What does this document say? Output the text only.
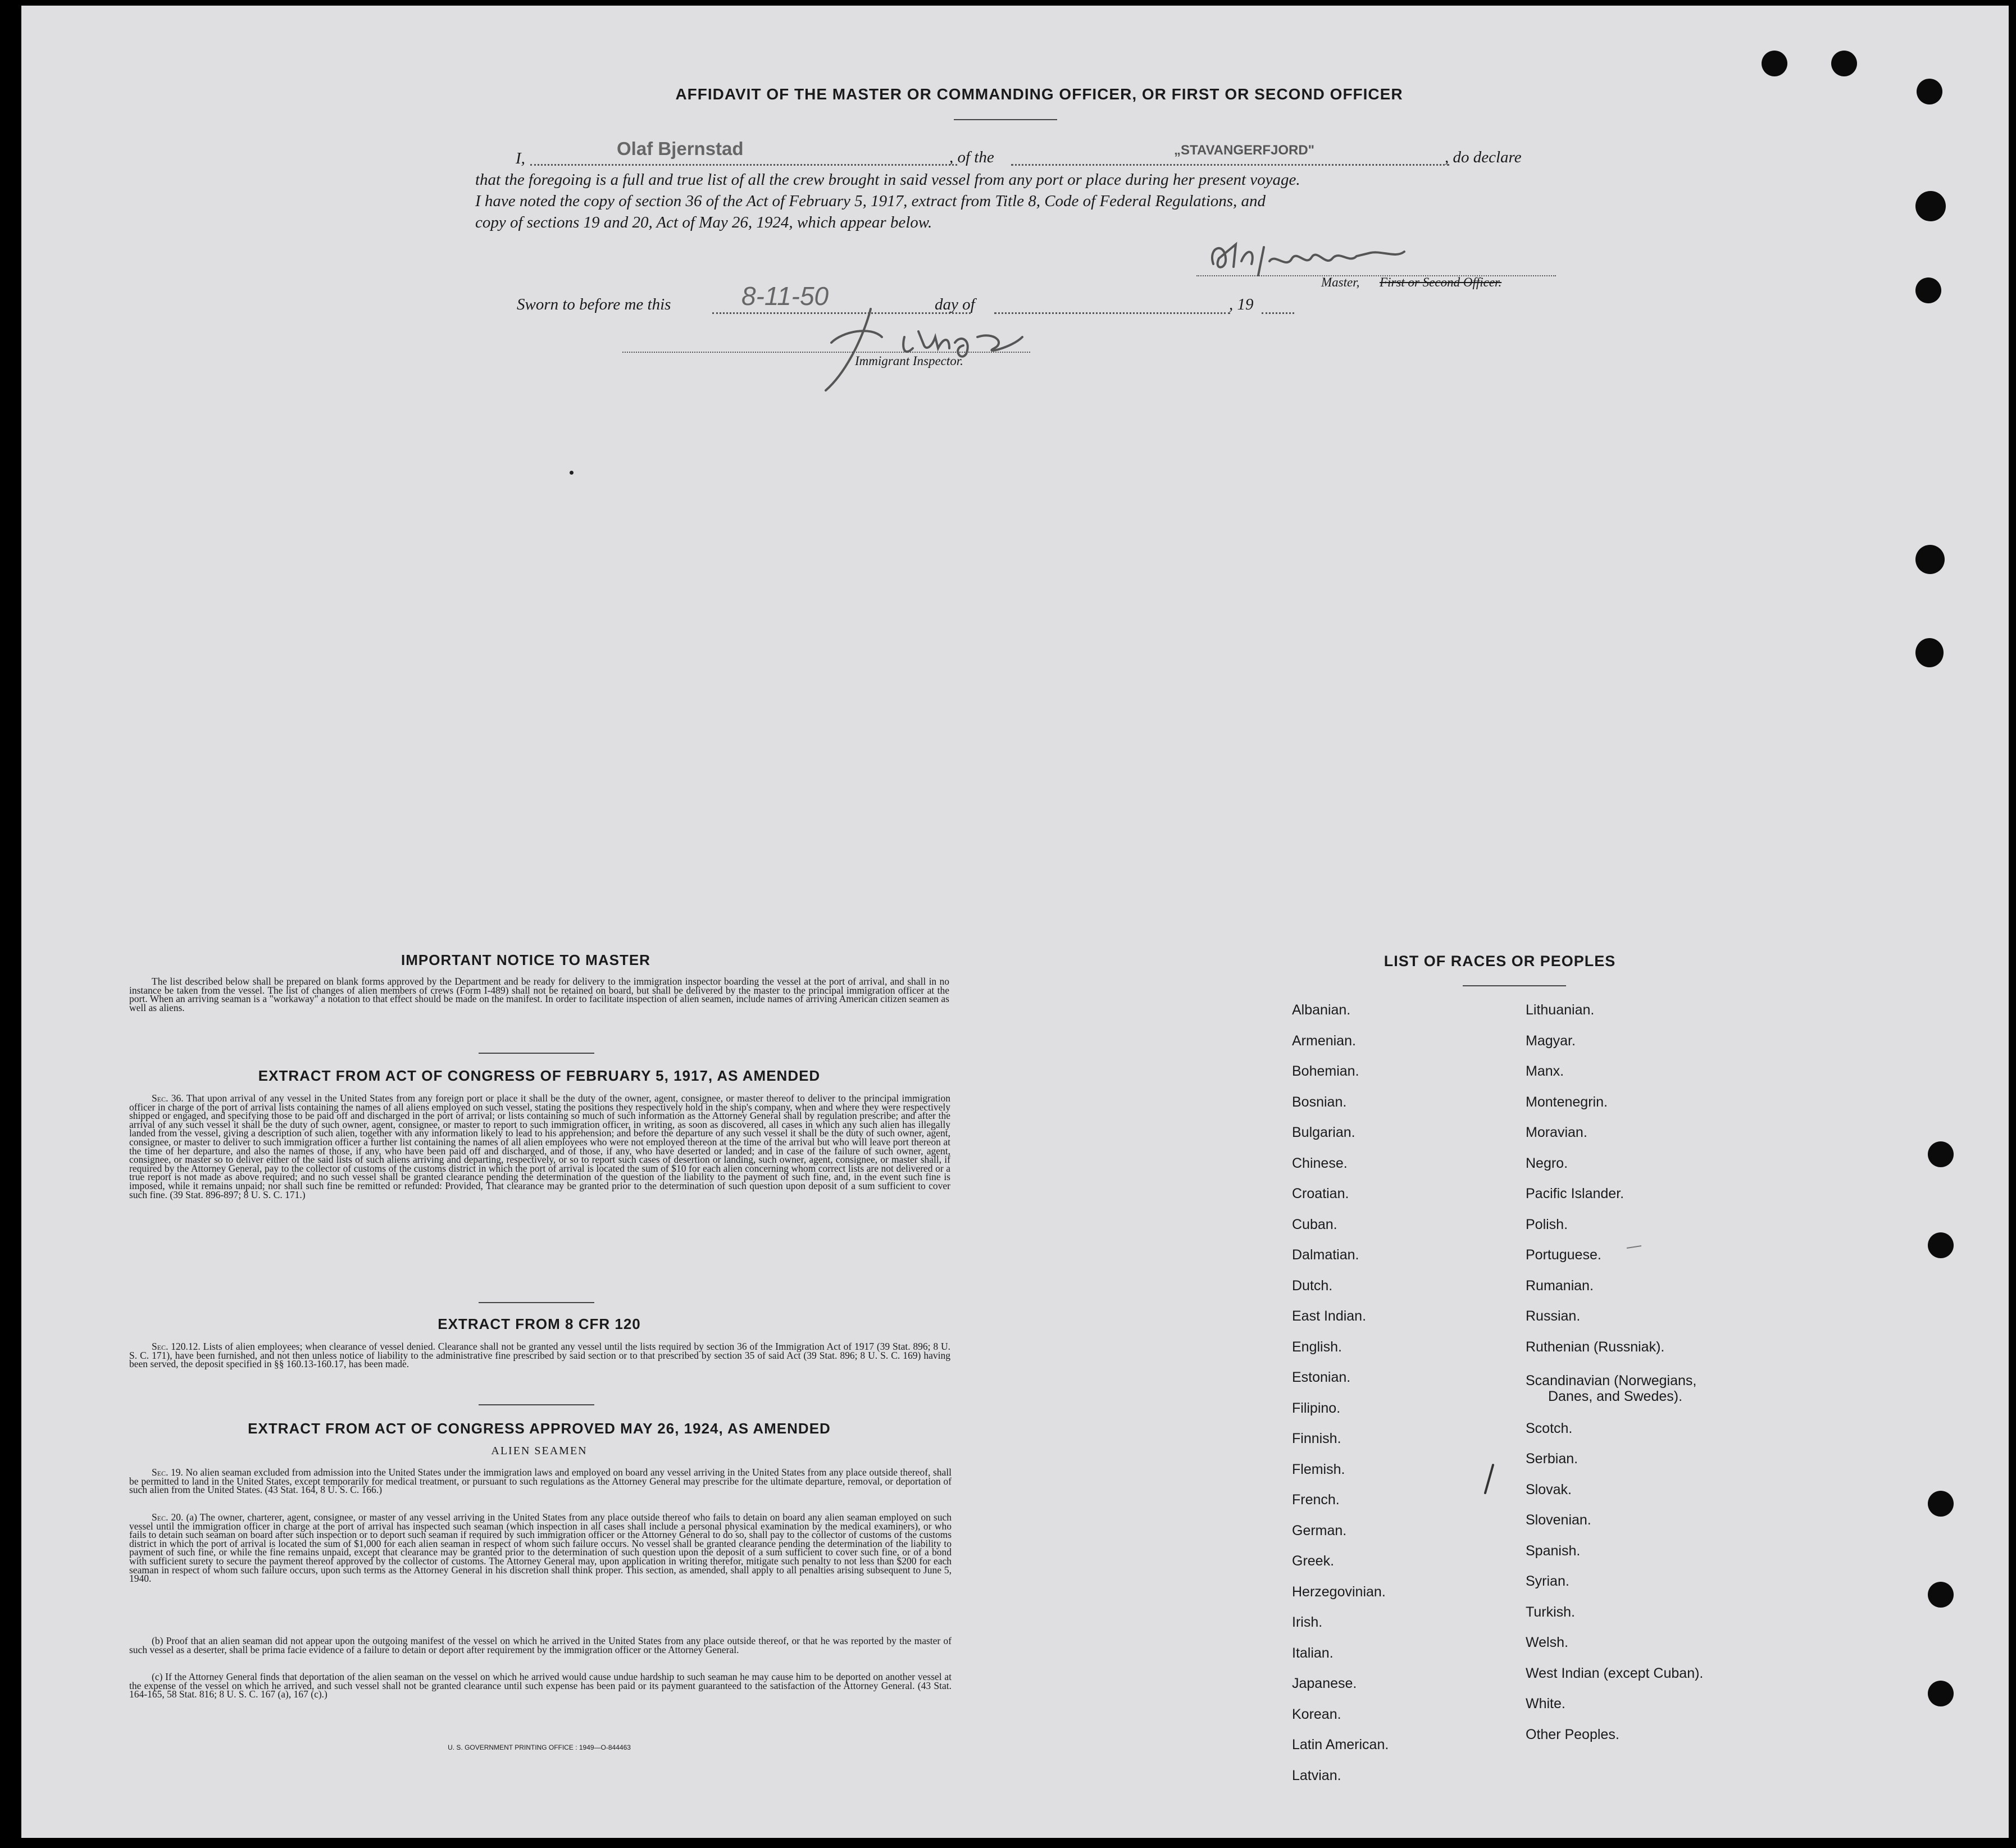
AFFIDAVIT OF THE MASTER OR COMMANDING OFFICER, OR FIRST OR SECOND OFFICER
I,	Olaf Bjernstad	, of the	„STAVANGERFJORD"	, do declare
that the foregoing is a full and true list of all the crew brought in said vessel from any port or place during her present voyage.
I have noted the copy of section 36 of the Act of February 5, 1917, extract from Title 8, Code of Federal Regulations, and
copy of sections 19 and 20, Act of May 26, 1924, which appear below.
Master, First or Second Officer.
Sworn to before me this	8-11-50	day of	, 19
Immigrant Inspector.
IMPORTANT NOTICE TO MASTER

The list described below shall be prepared on blank forms approved by the Department and be ready for delivery to the immigration inspector boarding the vessel at the port of arrival, and shall in no instance be taken from the vessel. The list of changes of alien members of crews (Form I-489) shall not be retained on board, but shall be delivered by the master to the principal immigration officer at the port. When an arriving seaman is a "workaway" a notation to that effect should be made on the manifest. In order to facilitate inspection of alien seamen, include names of arriving American citizen seamen as well as aliens.

EXTRACT FROM ACT OF CONGRESS OF FEBRUARY 5, 1917, AS AMENDED

Sec. 36. That upon arrival of any vessel in the United States from any foreign port or place it shall be the duty of the owner, agent, consignee, or master thereof to deliver to the principal immigration officer in charge of the port of arrival lists containing the names of all aliens employed on such vessel, stating the positions they respectively hold in the ship's company, when and where they were respectively shipped or engaged, and specifying those to be paid off and discharged in the port of arrival; or lists containing so much of such information as the Attorney General shall by regulation prescribe; and after the arrival of any such vessel it shall be the duty of such owner, agent, consignee, or master to report to such immigration officer, in writing, as soon as discovered, all cases in which any such alien has illegally landed from the vessel, giving a description of such alien, together with any information likely to lead to his apprehension; and before the departure of any such vessel it shall be the duty of such owner, agent, consignee, or master to deliver to such immigration officer a further list containing the names of all alien employees who were not employed thereon at the time of the arrival but who will leave port thereon at the time of her departure, and also the names of those, if any, who have been paid off and discharged, and of those, if any, who have deserted or landed; and in case of the failure of such owner, agent, consignee, or master so to deliver either of the said lists of such aliens arriving and departing, respectively, or so to report such cases of desertion or landing, such owner, agent, consignee, or master shall, if required by the Attorney General, pay to the collector of customs of the customs district in which the port of arrival is located the sum of $10 for each alien concerning whom correct lists are not delivered or a true report is not made as above required; and no such vessel shall be granted clearance pending the determination of the question of the liability to the payment of such fine, and, in the event such fine is imposed, while it remains unpaid; nor shall such fine be remitted or refunded: Provided, That clearance may be granted prior to the determination of such question upon deposit of a sum sufficient to cover such fine. (39 Stat. 896-897; 8 U. S. C. 171.)

EXTRACT FROM 8 CFR 120

Sec. 120.12. Lists of alien employees; when clearance of vessel denied. Clearance shall not be granted any vessel until the lists required by section 36 of the Immigration Act of 1917 (39 Stat. 896; 8 U. S. C. 171), have been furnished, and not then unless notice of liability to the administrative fine prescribed by said section or to that prescribed by section 35 of said Act (39 Stat. 896; 8 U. S. C. 169) having been served, the deposit specified in §§ 160.13-160.17, has been made.

EXTRACT FROM ACT OF CONGRESS APPROVED MAY 26, 1924, AS AMENDED
ALIEN SEAMEN

Sec. 19. No alien seaman excluded from admission into the United States under the immigration laws and employed on board any vessel arriving in the United States from any place outside thereof, shall be permitted to land in the United States, except temporarily for medical treatment, or pursuant to such regulations as the Attorney General may prescribe for the ultimate departure, removal, or deportation of such alien from the United States. (43 Stat. 164, 8 U. S. C. 166.)

Sec. 20. (a) The owner, charterer, agent, consignee, or master of any vessel arriving in the United States from any place outside thereof who fails to detain on board any alien seaman employed on such vessel until the immigration officer in charge at the port of arrival has inspected such seaman (which inspection in all cases shall include a personal physical examination by the medical examiners), or who fails to detain such seaman on board after such inspection or to deport such seaman if required by such immigration officer or the Attorney General to do so, shall pay to the collector of customs of the customs district in which the port of arrival is located the sum of $1,000 for each alien seaman in respect of whom such failure occurs. No vessel shall be granted clearance pending the determination of the liability to payment of such fine, or while the fine remains unpaid, except that clearance may be granted prior to the determination of such question upon the deposit of a sum sufficient to cover such fine, or of a bond with sufficient surety to secure the payment thereof approved by the collector of customs. The Attorney General may, upon application in writing therefor, mitigate such penalty to not less than $200 for each seaman in respect of whom such failure occurs, upon such terms as the Attorney General in his discretion shall think proper. This section, as amended, shall apply to all penalties arising subsequent to June 5, 1940.

(b) Proof that an alien seaman did not appear upon the outgoing manifest of the vessel on which he arrived in the United States from any place outside thereof, or that he was reported by the master of such vessel as a deserter, shall be prima facie evidence of a failure to detain or deport after requirement by the immigration officer or the Attorney General.

(c) If the Attorney General finds that deportation of the alien seaman on the vessel on which he arrived would cause undue hardship to such seaman he may cause him to be deported on another vessel at the expense of the vessel on which he arrived, and such vessel shall not be granted clearance until such expense has been paid or its payment guaranteed to the satisfaction of the Attorney General. (43 Stat. 164-165, 58 Stat. 816; 8 U. S. C. 167 (a), 167 (c).)

U. S. GOVERNMENT PRINTING OFFICE : 1949—O-844463
LIST OF RACES OR PEOPLES
Albanian.
Armenian.
Bohemian.
Bosnian.
Bulgarian.
Chinese.
Croatian.
Cuban.
Dalmatian.
Dutch.
East Indian.
English.
Estonian.
Filipino.
Finnish.
Flemish.
French.
German.
Greek.
Herzegovinian.
Irish.
Italian.
Japanese.
Korean.
Latin American.
Latvian.
Lithuanian.
Magyar.
Manx.
Montenegrin.
Moravian.
Negro.
Pacific Islander.
Polish.
Portuguese.
Rumanian.
Russian.
Ruthenian (Russniak).
Scandinavian (Norwegians,
Danes, and Swedes).
Scotch.
Serbian.
Slovak.
Slovenian.
Spanish.
Syrian.
Turkish.
Welsh.
West Indian (except Cuban).
White.
Other Peoples.
